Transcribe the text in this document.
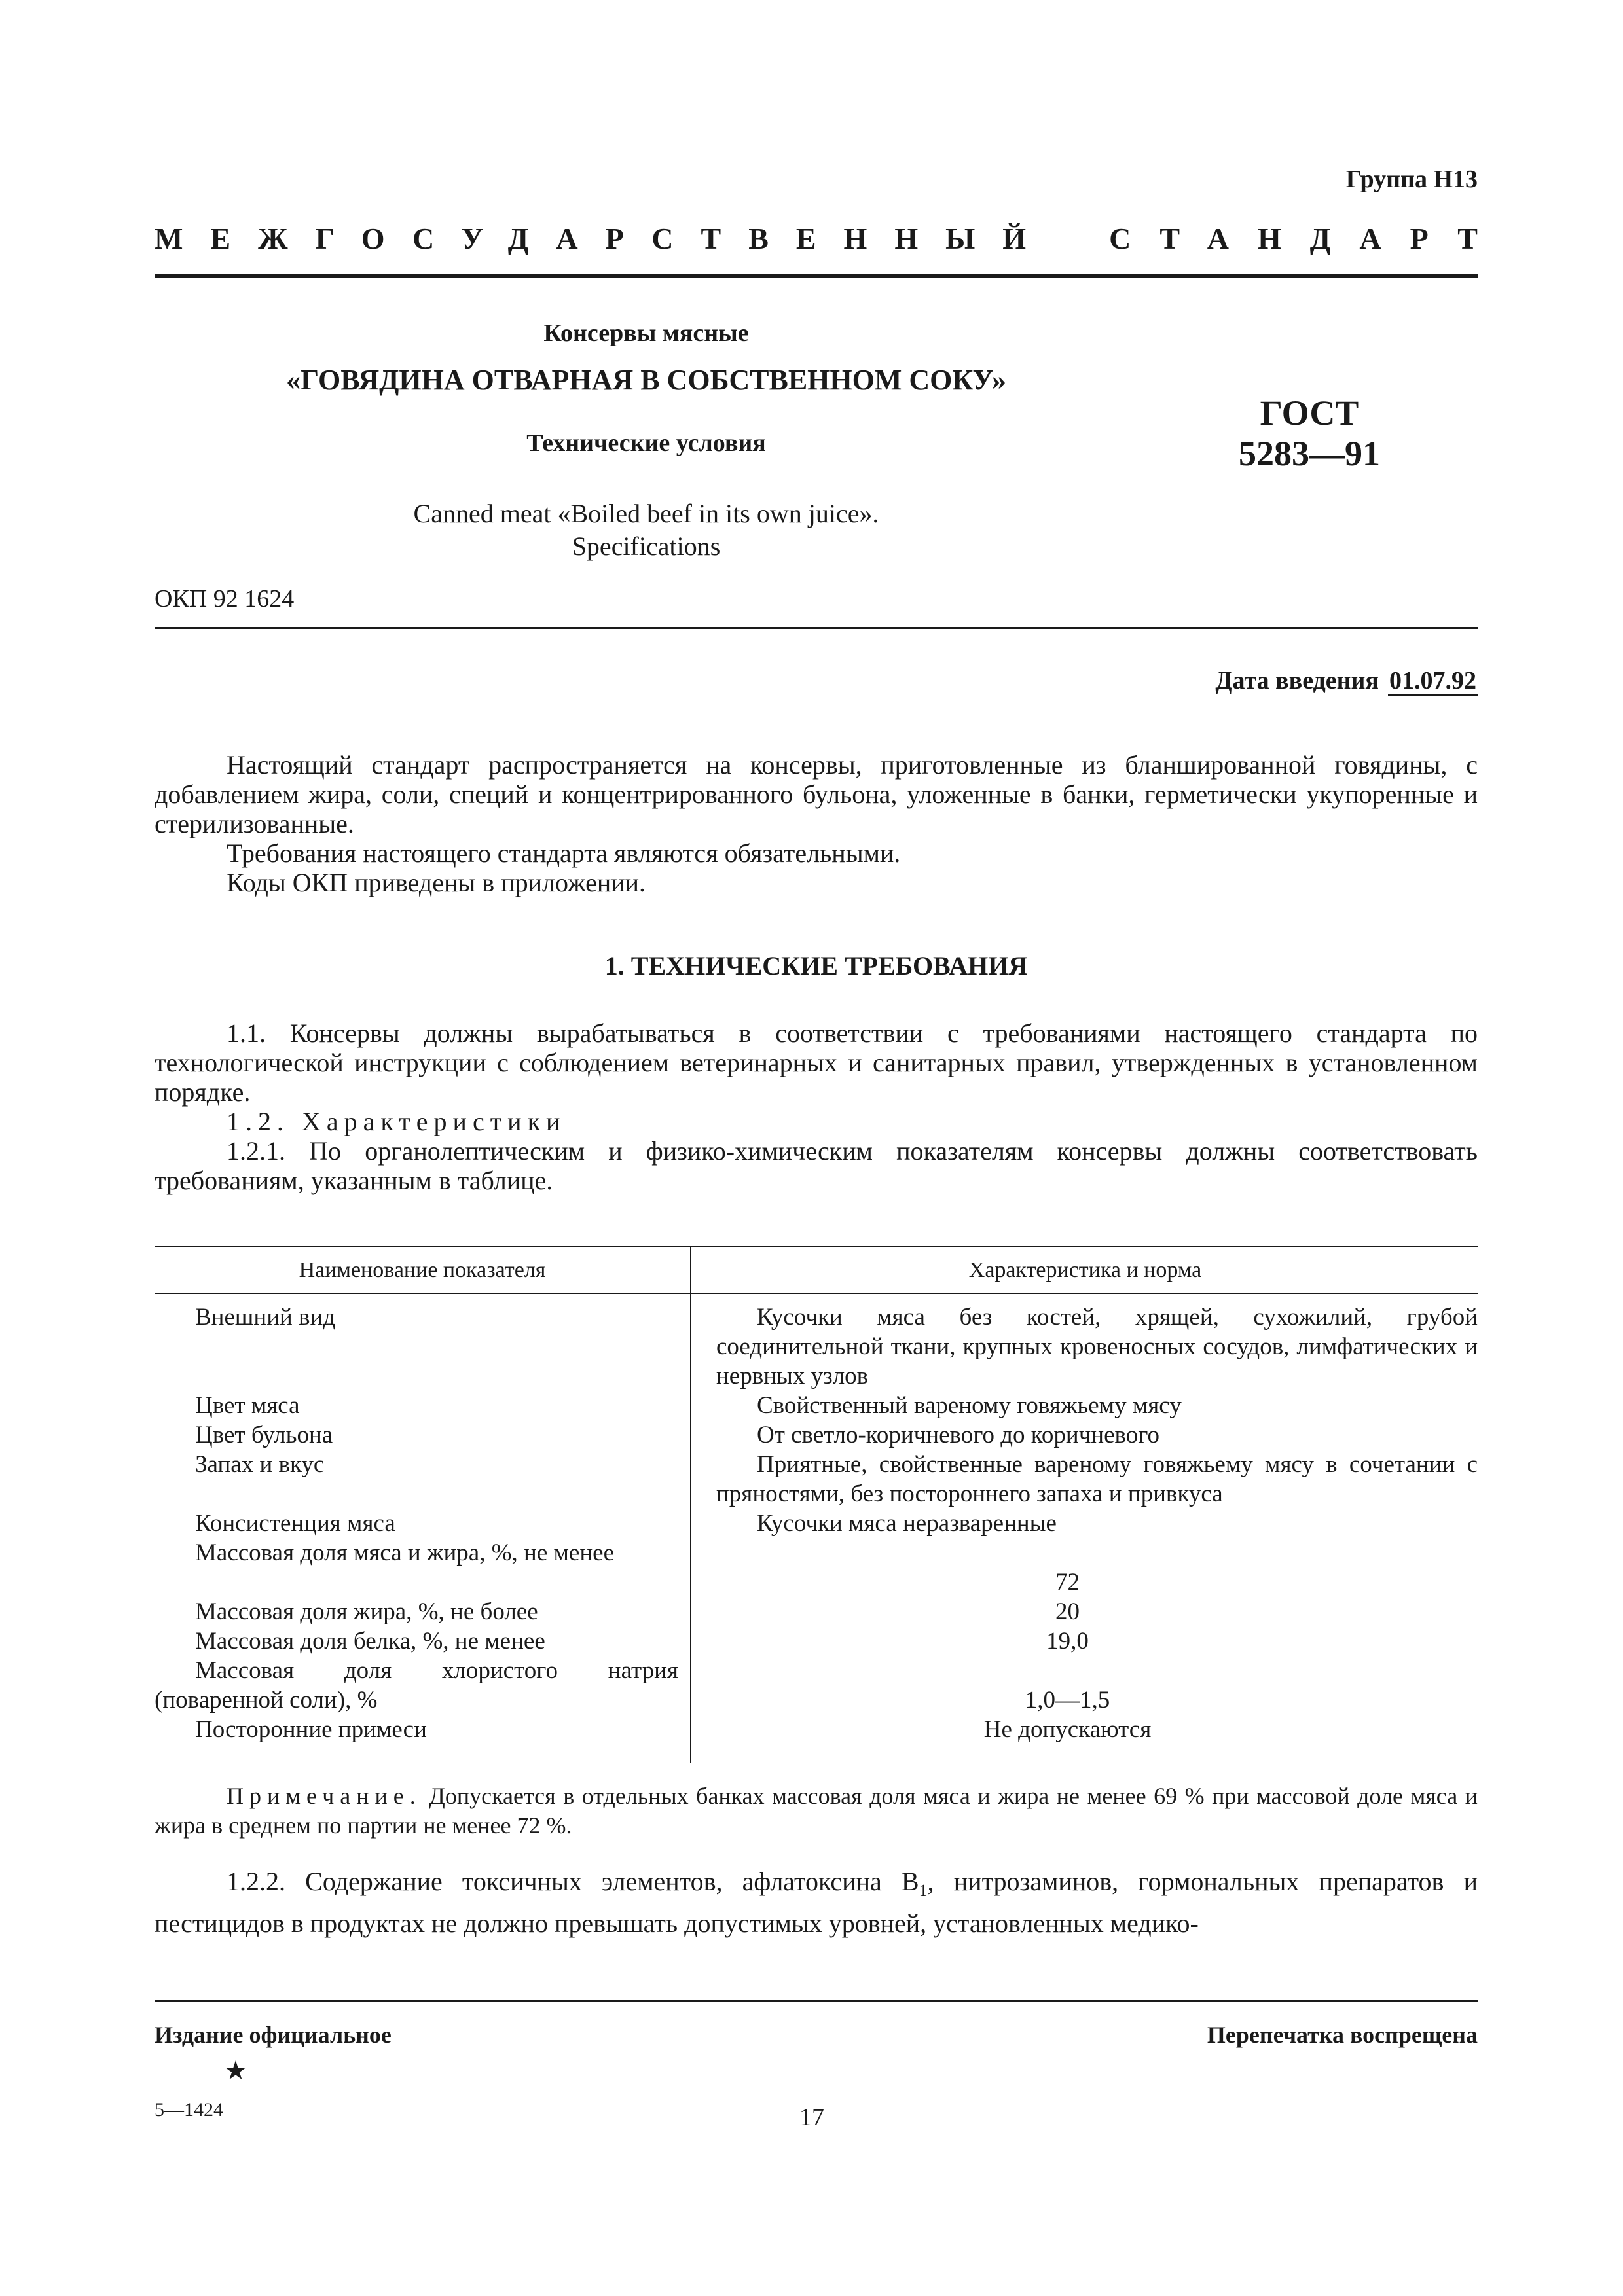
Группа Н13
МЕЖГОСУДАРСТВЕННЫЙ СТАНДАРТ
Консервы мясные
«ГОВЯДИНА ОТВАРНАЯ В СОБСТВЕННОМ СОКУ»
Технические условия
Canned meat «Boiled beef in its own juice».
Specifications
ГОСТ
5283—91
ОКП 92 1624
Дата введения 01.07.92

Настоящий стандарт распространяется на консервы, приготовленные из бланшированной говядины, с добавлением жира, соли, специй и концентрированного бульона, уложенные в банки, герметически укупоренные и стерилизованные.

Требования настоящего стандарта являются обязательными.

Коды ОКП приведены в приложении.

1. ТЕХНИЧЕСКИЕ ТРЕБОВАНИЯ

1.1. Консервы должны вырабатываться в соответствии с требованиями настоящего стандарта по технологической инструкции с соблюдением ветеринарных и санитарных правил, утвержденных в установленном порядке.

1.2. Характеристики

1.2.1. По органолептическим и физико-химическим показателям консервы должны соответствовать требованиям, указанным в таблице.

Наименование показателя	Характеристика и норма
Внешний вид
Цвет мяса
Цвет бульона
Запах и вкус
Консистенция мяса
Массовая доля мяса и жира, %, не менее
Массовая доля жира, %, не более
Массовая доля белка, %, не менее
Массовая доля хлористого натрия (поваренной соли), %
Посторонние примеси
Кусочки мяса без костей, хрящей, сухожилий, грубой соединительной ткани, крупных кровеносных сосудов, лимфатических и нервных узлов
Свойственный вареному говяжьему мясу
От светло-коричневого до коричневого
Приятные, свойственные вареному говяжьему мясу в сочетании с пряностями, без постороннего запаха и привкуса
Кусочки мяса неразваренные
72
20
19,0
1,0—1,5
Не допускаются
Примечание. Допускается в отдельных банках массовая доля мяса и жира не менее 69 % при массовой доле мяса и жира в среднем по партии не менее 72 %.

1.2.2. Содержание токсичных элементов, афлатоксина $B_1$, нитрозаминов, гормональных препаратов и пестицидов в продуктах не должно превышать допустимых уровней, установленных медико-

Издание официальное
★
Перепечатка воспрещена
5—1424	17
